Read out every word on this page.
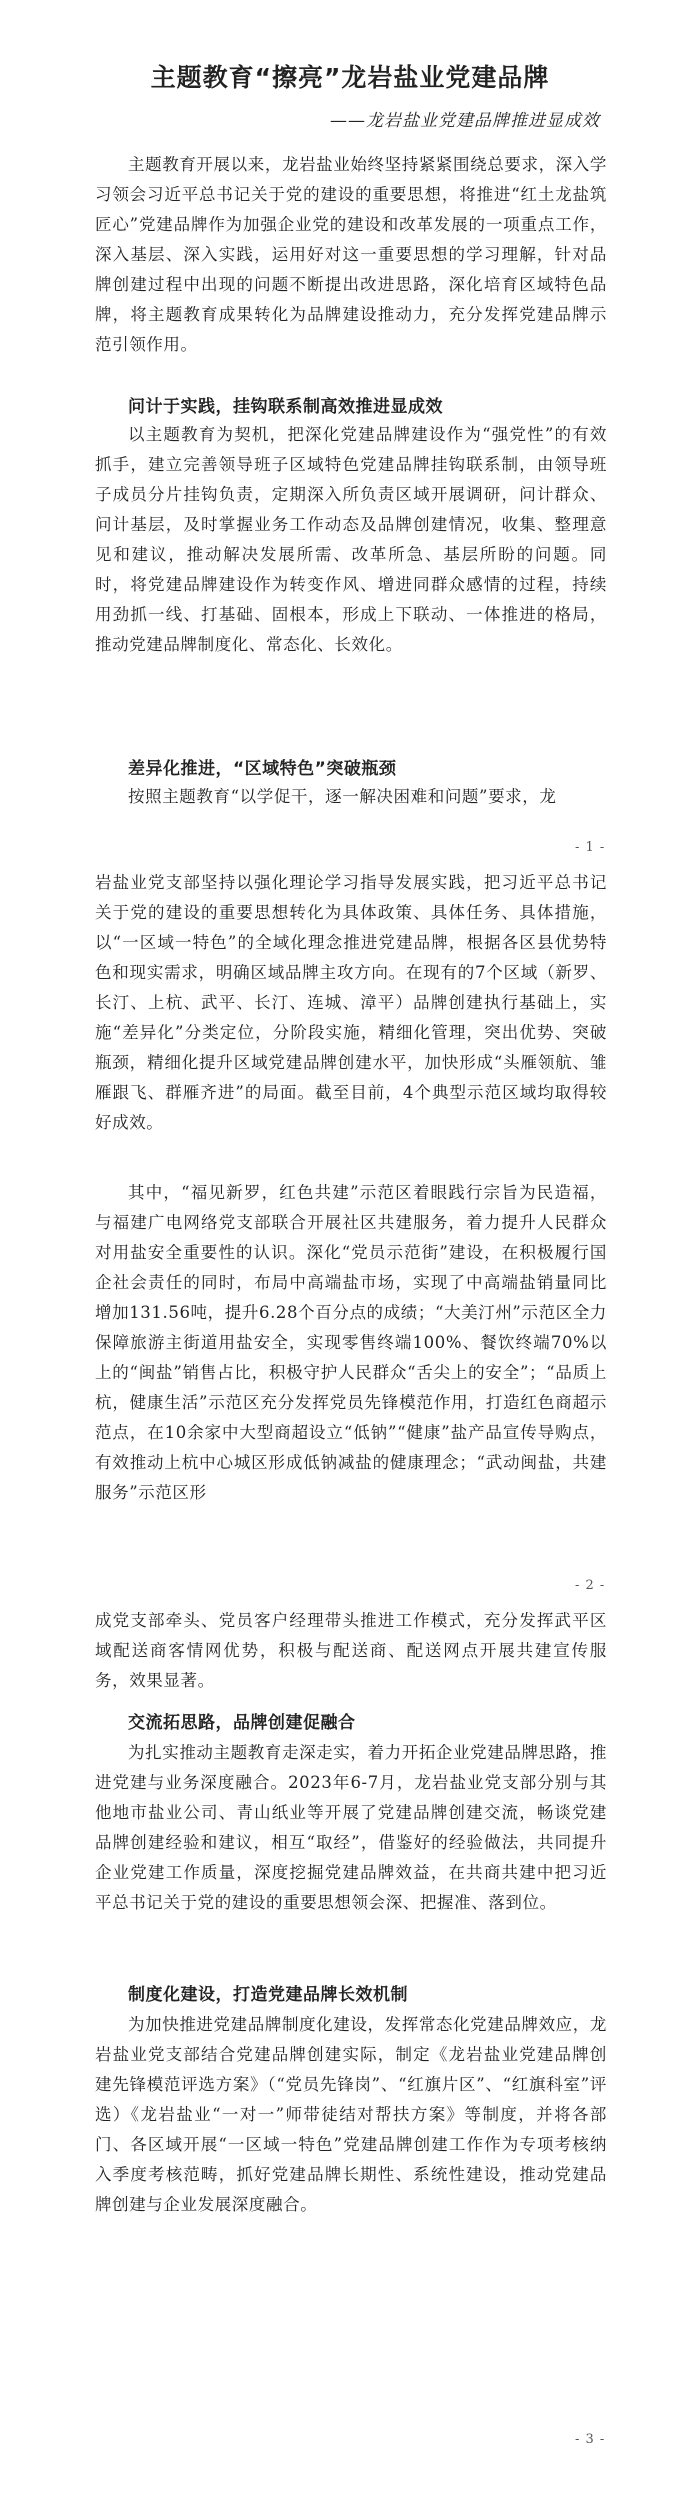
主题教育“擦亮”龙岩盐业党建品牌
——龙岩盐业党建品牌推进显成效

主题教育开展以来，龙岩盐业始终坚持紧紧围绕总要求，深入学习领会习近平总书记关于党的建设的重要思想，将推进“红土龙盐筑匠心”党建品牌作为加强企业党的建设和改革发展的一项重点工作，深入基层、深入实践，运用好对这一重要思想的学习理解，针对品牌创建过程中出现的问题不断提出改进思路，深化培育区域特色品牌，将主题教育成果转化为品牌建设推动力，充分发挥党建品牌示范引领作用。

问计于实践，挂钩联系制高效推进显成效

以主题教育为契机，把深化党建品牌建设作为“强党性”的有效抓手，建立完善领导班子区域特色党建品牌挂钩联系制，由领导班子成员分片挂钩负责，定期深入所负责区域开展调研，问计群众、问计基层，及时掌握业务工作动态及品牌创建情况，收集、整理意见和建议，推动解决发展所需、改革所急、基层所盼的问题。同时，将党建品牌建设作为转变作风、增进同群众感情的过程，持续用劲抓一线、打基础、固根本，形成上下联动、一体推进的格局，推动党建品牌制度化、常态化、长效化。

差异化推进，“区域特色”突破瓶颈

按照主题教育“以学促干，逐一解决困难和问题”要求，龙

- 1 -

岩盐业党支部坚持以强化理论学习指导发展实践，把习近平总书记关于党的建设的重要思想转化为具体政策、具体任务、具体措施，以“一区域一特色”的全域化理念推进党建品牌，根据各区县优势特色和现实需求，明确区域品牌主攻方向。在现有的7个区域（新罗、长汀、上杭、武平、长汀、连城、漳平）品牌创建执行基础上，实施“差异化”分类定位，分阶段实施，精细化管理，突出优势、突破瓶颈，精细化提升区域党建品牌创建水平，加快形成“头雁领航、雏雁跟飞、群雁齐进”的局面。截至目前，4个典型示范区域均取得较好成效。

其中，“福见新罗，红色共建”示范区着眼践行宗旨为民造福，与福建广电网络党支部联合开展社区共建服务，着力提升人民群众对用盐安全重要性的认识。深化“党员示范街”建设，在积极履行国企社会责任的同时，布局中高端盐市场，实现了中高端盐销量同比增加131.56吨，提升6.28个百分点的成绩；“大美汀州”示范区全力保障旅游主街道用盐安全，实现零售终端100%、餐饮终端70%以上的“闽盐”销售占比，积极守护人民群众“舌尖上的安全”；“品质上杭，健康生活”示范区充分发挥党员先锋模范作用，打造红色商超示范点，在10余家中大型商超设立“低钠”“健康”盐产品宣传导购点，有效推动上杭中心城区形成低钠减盐的健康理念；“武动闽盐，共建服务”示范区形

- 2 -

成党支部牵头、党员客户经理带头推进工作模式，充分发挥武平区域配送商客情网优势，积极与配送商、配送网点开展共建宣传服务，效果显著。

交流拓思路，品牌创建促融合

为扎实推动主题教育走深走实，着力开拓企业党建品牌思路，推进党建与业务深度融合。2023年6-7月，龙岩盐业党支部分别与其他地市盐业公司、青山纸业等开展了党建品牌创建交流，畅谈党建品牌创建经验和建议，相互“取经”，借鉴好的经验做法，共同提升企业党建工作质量，深度挖掘党建品牌效益，在共商共建中把习近平总书记关于党的建设的重要思想领会深、把握准、落到位。

制度化建设，打造党建品牌长效机制

为加快推进党建品牌制度化建设，发挥常态化党建品牌效应，龙岩盐业党支部结合党建品牌创建实际，制定《龙岩盐业党建品牌创建先锋模范评选方案》（“党员先锋岗”、“红旗片区”、“红旗科室”评选）《龙岩盐业“一对一”师带徒结对帮扶方案》等制度，并将各部门、各区域开展“一区域一特色”党建品牌创建工作作为专项考核纳入季度考核范畴，抓好党建品牌长期性、系统性建设，推动党建品牌创建与企业发展深度融合。

- 3 -
